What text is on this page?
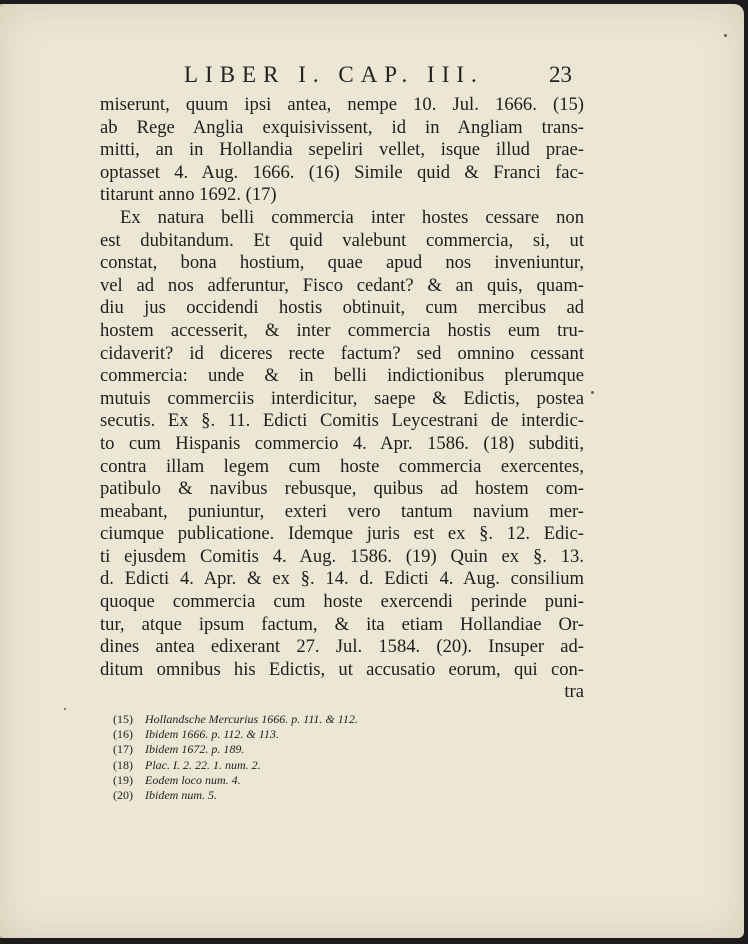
LIBER I. CAP. III.	23
miserunt, quum ipsi antea, nempe 10. Jul. 1666. (15)
ab Rege Anglia exquisivissent, id in Angliam trans-
mitti, an in Hollandia sepeliri vellet, isque illud prae-
optasset 4. Aug. 1666. (16) Simile quid & Franci fac-
titarunt anno 1692. (17)
Ex natura belli commercia inter hostes cessare non
est dubitandum. Et quid valebunt commercia, si, ut
constat, bona hostium, quae apud nos inveniuntur,
vel ad nos adferuntur, Fisco cedant? & an quis, quam-
diu jus occidendi hostis obtinuit, cum mercibus ad
hostem accesserit, & inter commercia hostis eum tru-
cidaverit? id diceres recte factum? sed omnino cessant
commercia: unde & in belli indictionibus plerumque
mutuis commerciis interdicitur, saepe & Edictis, postea
secutis. Ex §. 11. Edicti Comitis Leycestrani de interdic-
to cum Hispanis commercio 4. Apr. 1586. (18) subditi,
contra illam legem cum hoste commercia exercentes,
patibulo & navibus rebusque, quibus ad hostem com-
meabant, puniuntur, exteri vero tantum navium mer-
ciumque publicatione. Idemque juris est ex §. 12. Edic-
ti ejusdem Comitis 4. Aug. 1586. (19) Quin ex §. 13.
d. Edicti 4. Apr. & ex §. 14. d. Edicti 4. Aug. consilium
quoque commercia cum hoste exercendi perinde puni-
tur, atque ipsum factum, & ita etiam Hollandiae Or-
dines antea edixerant 27. Jul. 1584. (20). Insuper ad-
ditum omnibus his Edictis, ut accusatio eorum, qui con-
tra
(15) Hollandsche Mercurius 1666. p. 111. & 112.
(16) Ibidem 1666. p. 112. & 113.
(17) Ibidem 1672. p. 189.
(18) Plac. I. 2. 22. 1. num. 2.
(19) Eodem loco num. 4.
(20) Ibidem num. 5.
